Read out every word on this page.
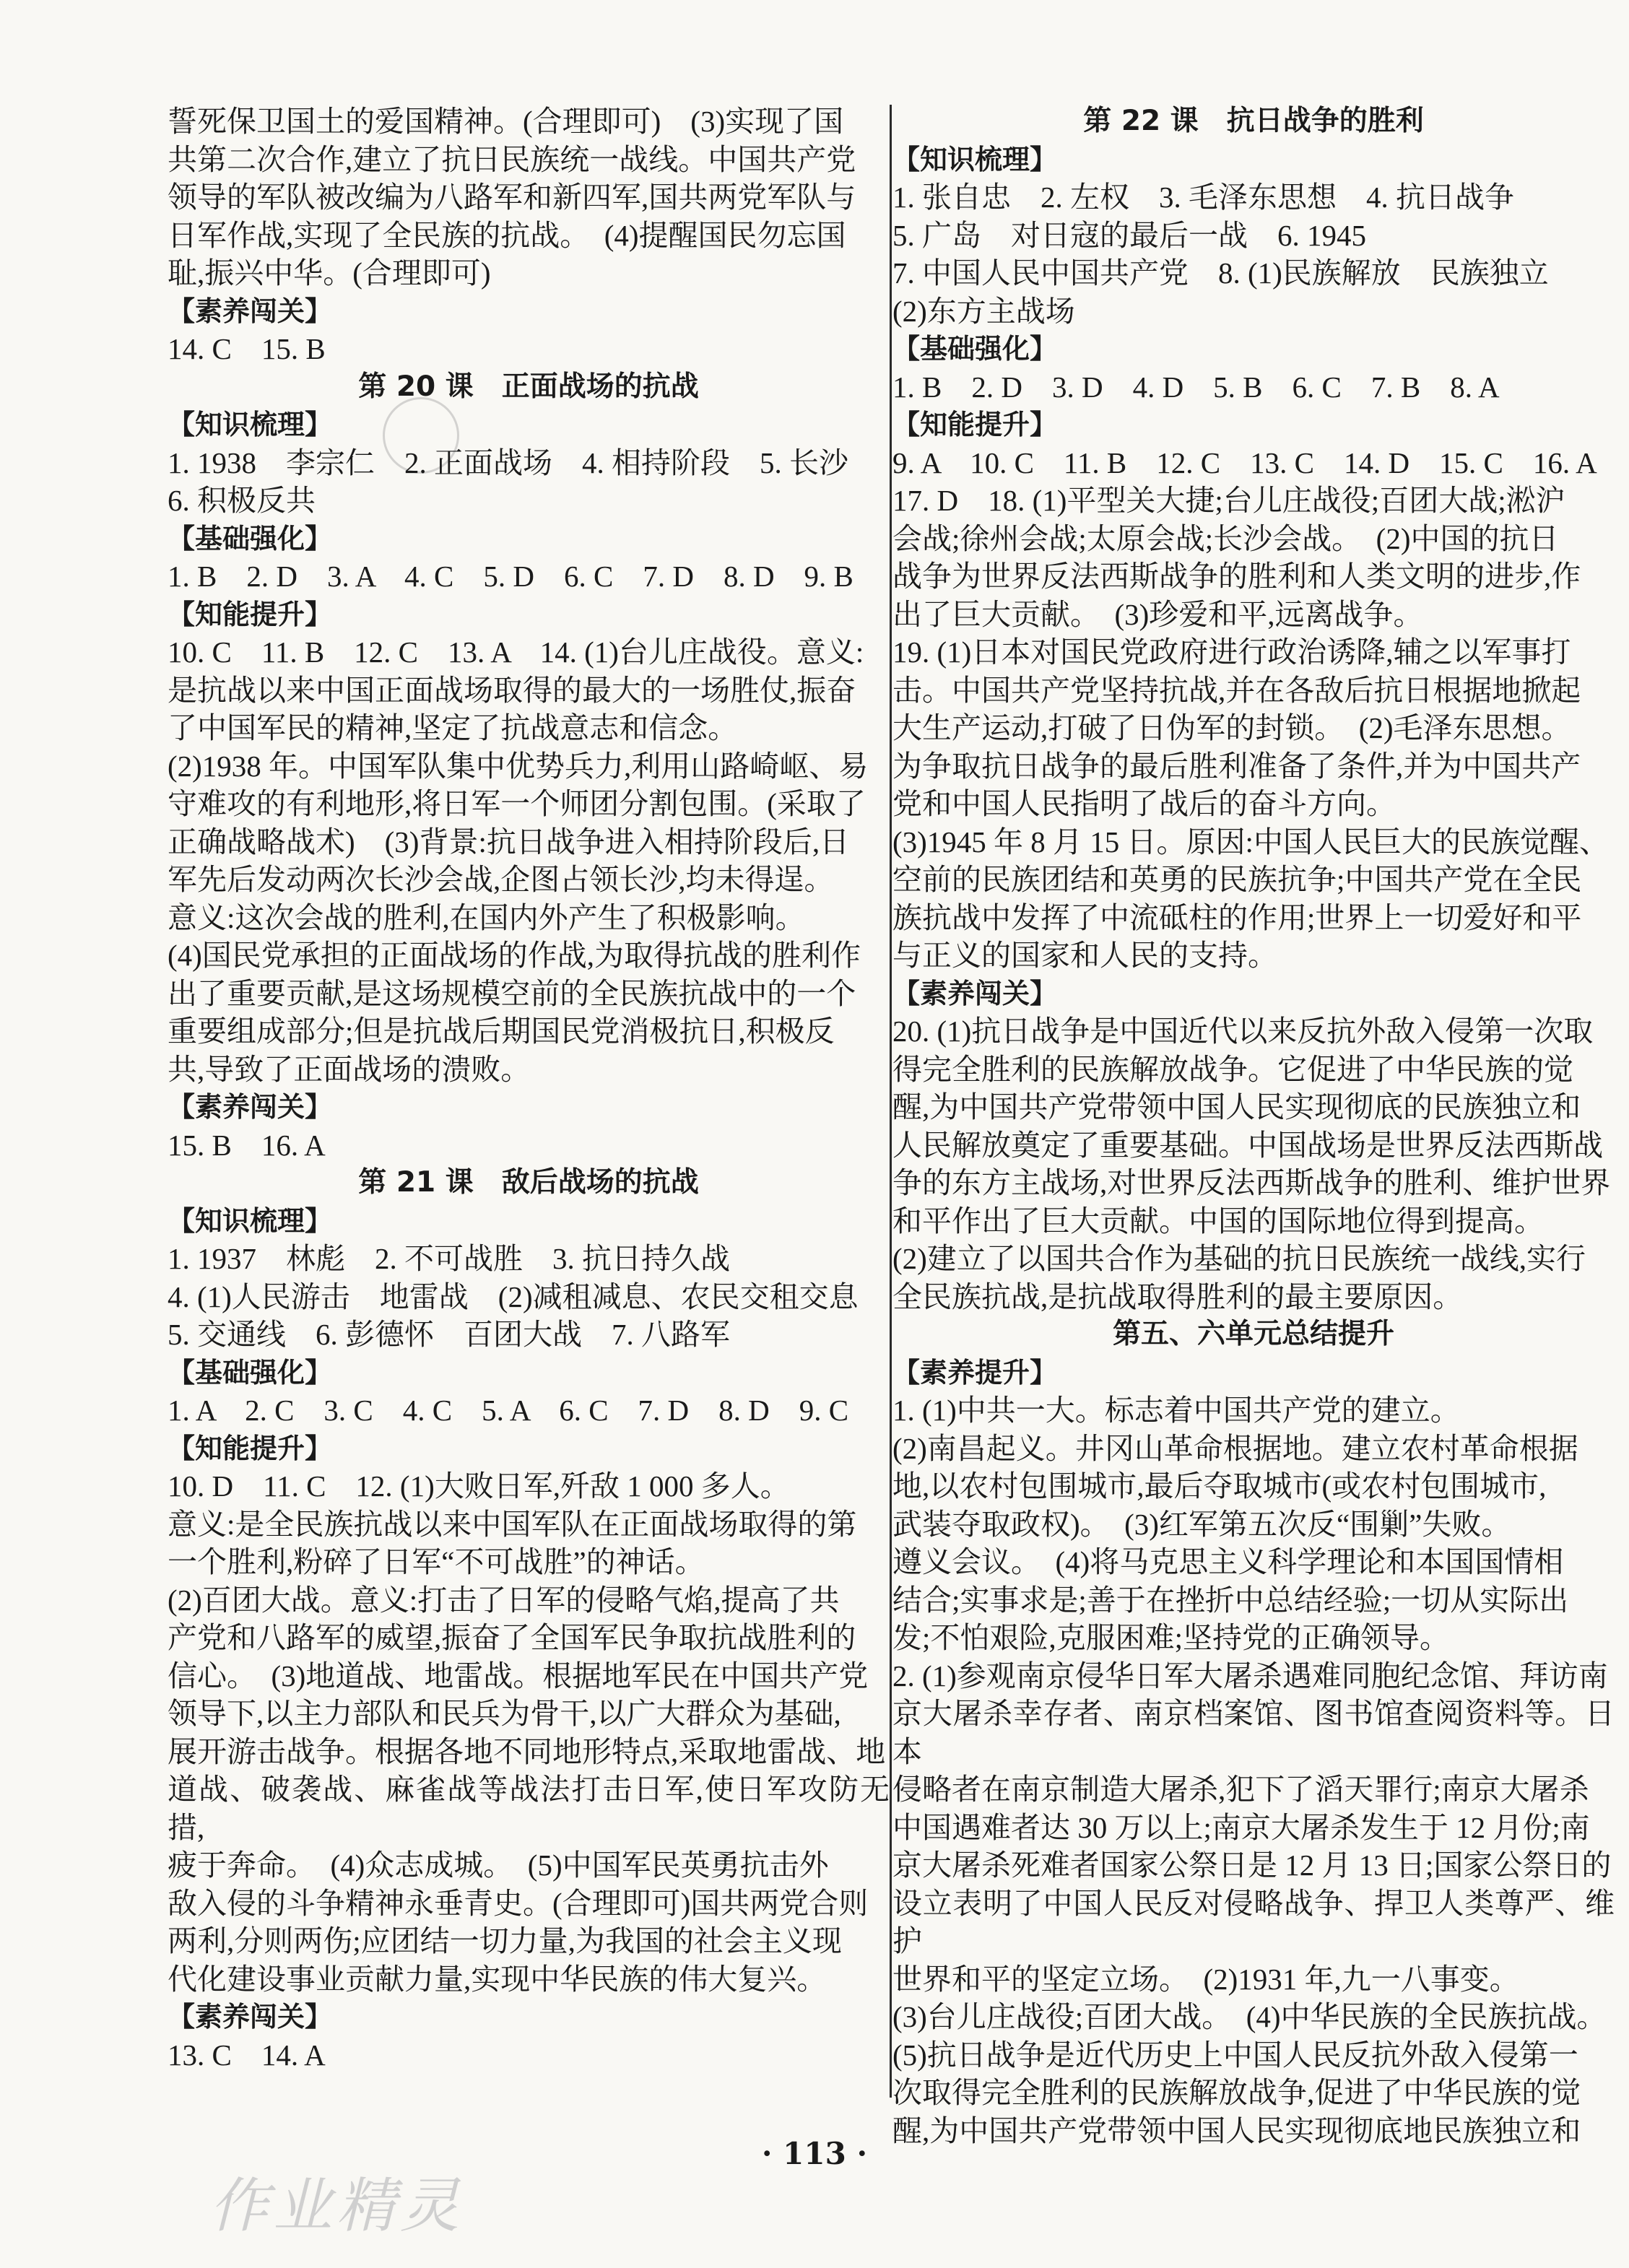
誓死保卫国土的爱国精神。(合理即可)　(3)实现了国
共第二次合作,建立了抗日民族统一战线。中国共产党
领导的军队被改编为八路军和新四军,国共两党军队与
日军作战,实现了全民族的抗战。　(4)提醒国民勿忘国
耻,振兴中华。(合理即可)
【素养闯关】
14. C　15. B
第 20 课　正面战场的抗战
【知识梳理】
1. 1938　李宗仁　2. 正面战场　4. 相持阶段　5. 长沙
6. 积极反共
【基础强化】
1. B　2. D　3. A　4. C　5. D　6. C　7. D　8. D　9. B
【知能提升】
10. C　11. B　12. C　13. A　14. (1)台儿庄战役。意义:
是抗战以来中国正面战场取得的最大的一场胜仗,振奋
了中国军民的精神,坚定了抗战意志和信念。
(2)1938 年。中国军队集中优势兵力,利用山路崎岖、易
守难攻的有利地形,将日军一个师团分割包围。(采取了
正确战略战术)　(3)背景:抗日战争进入相持阶段后,日
军先后发动两次长沙会战,企图占领长沙,均未得逞。
意义:这次会战的胜利,在国内外产生了积极影响。
(4)国民党承担的正面战场的作战,为取得抗战的胜利作
出了重要贡献,是这场规模空前的全民族抗战中的一个
重要组成部分;但是抗战后期国民党消极抗日,积极反
共,导致了正面战场的溃败。
【素养闯关】
15. B　16. A
第 21 课　敌后战场的抗战
【知识梳理】
1. 1937　林彪　2. 不可战胜　3. 抗日持久战
4. (1)人民游击　地雷战　(2)减租减息、农民交租交息
5. 交通线　6. 彭德怀　百团大战　7. 八路军
【基础强化】
1. A　2. C　3. C　4. C　5. A　6. C　7. D　8. D　9. C
【知能提升】
10. D　11. C　12. (1)大败日军,歼敌 1 000 多人。
意义:是全民族抗战以来中国军队在正面战场取得的第
一个胜利,粉碎了日军“不可战胜”的神话。
(2)百团大战。意义:打击了日军的侵略气焰,提高了共
产党和八路军的威望,振奋了全国军民争取抗战胜利的
信心。　(3)地道战、地雷战。根据地军民在中国共产党
领导下,以主力部队和民兵为骨干,以广大群众为基础,
展开游击战争。根据各地不同地形特点,采取地雷战、地
道战、破袭战、麻雀战等战法打击日军,使日军攻防无措,
疲于奔命。　(4)众志成城。　(5)中国军民英勇抗击外
敌入侵的斗争精神永垂青史。(合理即可)国共两党合则
两利,分则两伤;应团结一切力量,为我国的社会主义现
代化建设事业贡献力量,实现中华民族的伟大复兴。
【素养闯关】
13. C　14. A
第 22 课　抗日战争的胜利
【知识梳理】
1. 张自忠　2. 左权　3. 毛泽东思想　4. 抗日战争
5. 广岛　对日寇的最后一战　6. 1945
7. 中国人民中国共产党　8. (1)民族解放　民族独立
(2)东方主战场
【基础强化】
1. B　2. D　3. D　4. D　5. B　6. C　7. B　8. A
【知能提升】
9. A　10. C　11. B　12. C　13. C　14. D　15. C　16. A
17. D　18. (1)平型关大捷;台儿庄战役;百团大战;淞沪
会战;徐州会战;太原会战;长沙会战。　(2)中国的抗日
战争为世界反法西斯战争的胜利和人类文明的进步,作
出了巨大贡献。　(3)珍爱和平,远离战争。
19. (1)日本对国民党政府进行政治诱降,辅之以军事打
击。中国共产党坚持抗战,并在各敌后抗日根据地掀起
大生产运动,打破了日伪军的封锁。　(2)毛泽东思想。
为争取抗日战争的最后胜利准备了条件,并为中国共产
党和中国人民指明了战后的奋斗方向。
(3)1945 年 8 月 15 日。原因:中国人民巨大的民族觉醒、
空前的民族团结和英勇的民族抗争;中国共产党在全民
族抗战中发挥了中流砥柱的作用;世界上一切爱好和平
与正义的国家和人民的支持。
【素养闯关】
20. (1)抗日战争是中国近代以来反抗外敌入侵第一次取
得完全胜利的民族解放战争。它促进了中华民族的觉
醒,为中国共产党带领中国人民实现彻底的民族独立和
人民解放奠定了重要基础。中国战场是世界反法西斯战
争的东方主战场,对世界反法西斯战争的胜利、维护世界
和平作出了巨大贡献。中国的国际地位得到提高。
(2)建立了以国共合作为基础的抗日民族统一战线,实行
全民族抗战,是抗战取得胜利的最主要原因。
第五、六单元总结提升
【素养提升】
1. (1)中共一大。标志着中国共产党的建立。
(2)南昌起义。井冈山革命根据地。建立农村革命根据
地,以农村包围城市,最后夺取城市(或农村包围城市,
武装夺取政权)。　(3)红军第五次反“围剿”失败。
遵义会议。　(4)将马克思主义科学理论和本国国情相
结合;实事求是;善于在挫折中总结经验;一切从实际出
发;不怕艰险,克服困难;坚持党的正确领导。
2. (1)参观南京侵华日军大屠杀遇难同胞纪念馆、拜访南
京大屠杀幸存者、南京档案馆、图书馆查阅资料等。日本
侵略者在南京制造大屠杀,犯下了滔天罪行;南京大屠杀
中国遇难者达 30 万以上;南京大屠杀发生于 12 月份;南
京大屠杀死难者国家公祭日是 12 月 13 日;国家公祭日的
设立表明了中国人民反对侵略战争、捍卫人类尊严、维护
世界和平的坚定立场。　(2)1931 年,九一八事变。
(3)台儿庄战役;百团大战。　(4)中华民族的全民族抗战。
(5)抗日战争是近代历史上中国人民反抗外敌入侵第一
次取得完全胜利的民族解放战争,促进了中华民族的觉
醒,为中国共产党带领中国人民实现彻底地民族独立和
· 113 ·
作业精灵
